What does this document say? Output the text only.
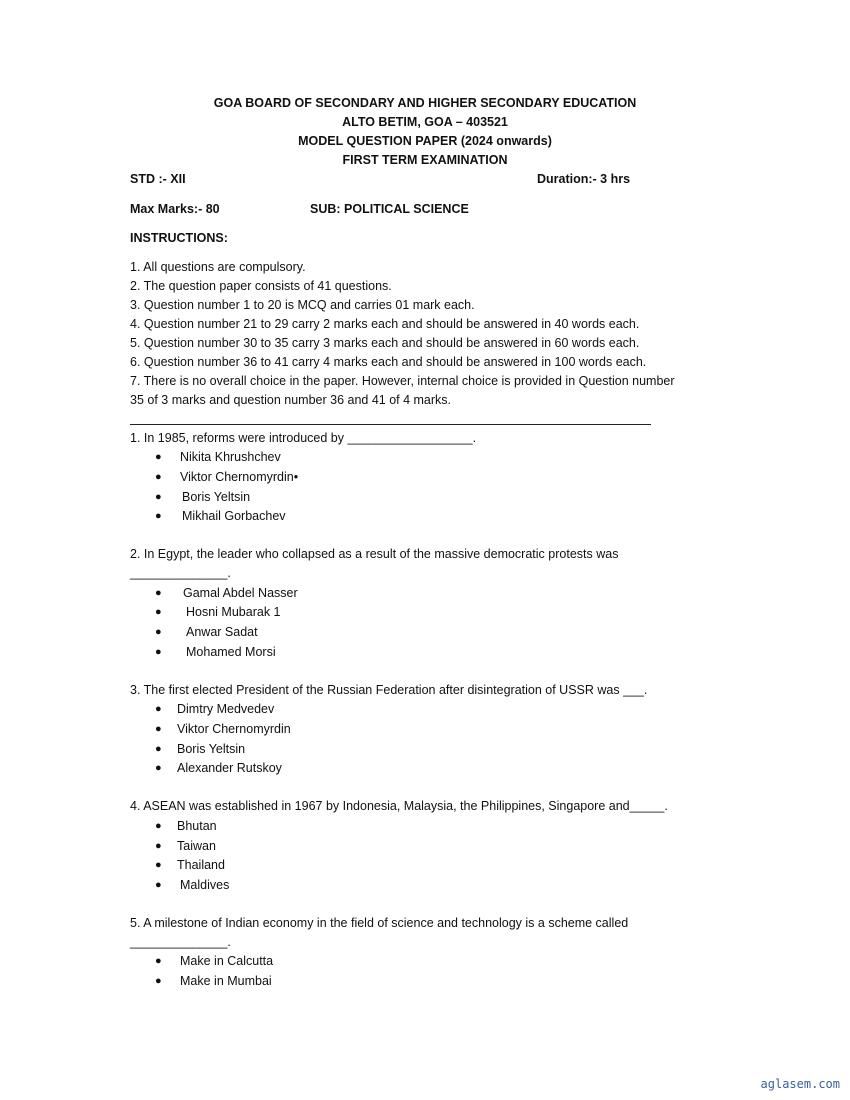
GOA BOARD OF SECONDARY AND HIGHER SECONDARY EDUCATION
ALTO BETIM, GOA – 403521
MODEL QUESTION PAPER (2024 onwards)
FIRST TERM EXAMINATION
STD :- XII	Duration:- 3 hrs
Max Marks:- 80	SUB: POLITICAL SCIENCE
INSTRUCTIONS:
1. All questions are compulsory.
2. The question paper consists of 41 questions.
3. Question number 1 to 20 is MCQ and carries 01 mark each.
4. Question number 21 to 29 carry 2 marks each and should be answered in 40 words each.
5. Question number 30 to 35 carry 3 marks each and should be answered in 60 words each.
6. Question number 36 to 41 carry 4 marks each and should be answered in 100 words each.
7. There is no overall choice in the paper. However, internal choice is provided in Question number
35 of 3 marks and question number 36 and 41 of 4 marks.
1. In 1985, reforms were introduced by __________________.
● Nikita Khrushchev
● Viktor Chernomyrdin•
● Boris Yeltsin
● Mikhail Gorbachev
2. In Egypt, the leader who collapsed as a result of the massive democratic protests was
______________.
● Gamal Abdel Nasser
● Hosni Mubarak 1
● Anwar Sadat
● Mohamed Morsi
3. The first elected President of the Russian Federation after disintegration of USSR was ___.
● Dimtry Medvedev
● Viktor Chernomyrdin
● Boris Yeltsin
● Alexander Rutskoy
4. ASEAN was established in 1967 by Indonesia, Malaysia, the Philippines, Singapore and_____.
● Bhutan
● Taiwan
● Thailand
● Maldives
5. A milestone of Indian economy in the field of science and technology is a scheme called
______________.
● Make in Calcutta
● Make in Mumbai
aglasem.com
